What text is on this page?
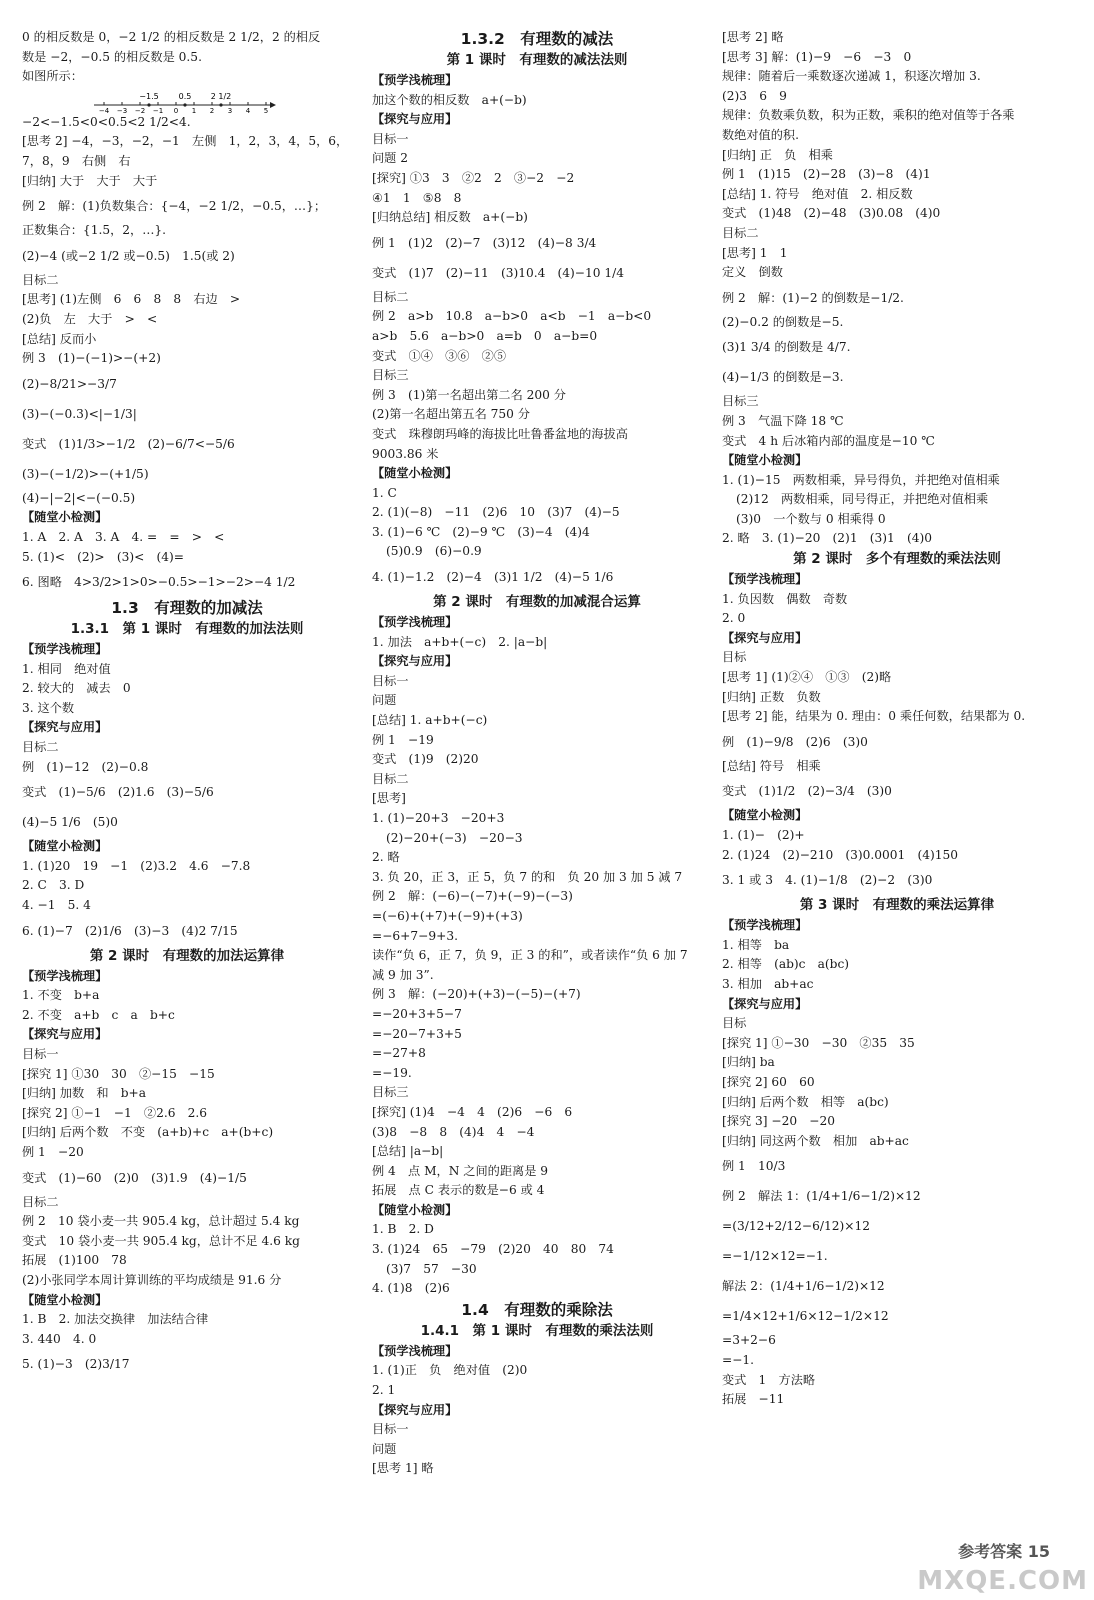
0 的相反数是 0，−2 1/2 的相反数是 2 1/2，2 的相反
数是 −2，−0.5 的相反数是 0.5.
如图所示：
−4 −3 −2 −1 0 1 2 3 4 5
−1.5 0.5 2 1/2
−2<−1.5<0<0.5<2 1/2<4.
[思考 2] −4，−3，−2，−1　左侧　1，2，3，4，5，6，
7，8，9　右侧　右
[归纳] 大于　大于　大于
例 2　解：(1)负数集合：{−4，−2 1/2，−0.5，…}；
正数集合：{1.5，2，…}.
(2)−4 (或−2 1/2 或−0.5)　1.5(或 2)
目标二
[思考] (1)左侧　6　6　8　8　右边　>
(2)负　左　大于　>　<
[总结] 反而小
例 3　(1)−(−1)>−(+2)
(2)−8/21>−3/7
(3)−(−0.3)<|−1/3|
变式　(1)1/3>−1/2　(2)−6/7<−5/6
(3)−(−1/2)>−(+1/5)
(4)−|−2|<−(−0.5)
【随堂小检测】
1. A　2. A　3. A　4. =　=　>　<
5. (1)<　(2)>　(3)<　(4)=
6. 图略　4>3/2>1>0>−0.5>−1>−2>−4 1/2
1.3　有理数的加减法
1.3.1　第 1 课时　有理数的加法法则
【预学浅梳理】
1. 相同　绝对值
2. 较大的　减去　0
3. 这个数
【探究与应用】
目标二
例　(1)−12　(2)−0.8
变式　(1)−5/6　(2)1.6　(3)−5/6
(4)−5 1/6　(5)0
【随堂小检测】
1. (1)20　19　−1　(2)3.2　4.6　−7.8
2. C　3. D
4. −1　5. 4
6. (1)−7　(2)1/6　(3)−3　(4)2 7/15
第 2 课时　有理数的加法运算律
【预学浅梳理】
1. 不变　b+a
2. 不变　a+b　c　a　b+c
【探究与应用】
目标一
[探究 1] ①30　30　②−15　−15
[归纳] 加数　和　b+a
[探究 2] ①−1　−1　②2.6　2.6
[归纳] 后两个数　不变　(a+b)+c　a+(b+c)
例 1　−20
变式　(1)−60　(2)0　(3)1.9　(4)−1/5
目标二
例 2　10 袋小麦一共 905.4 kg，总计超过 5.4 kg
变式　10 袋小麦一共 905.4 kg，总计不足 4.6 kg
拓展　(1)100　78
(2)小张同学本周计算训练的平均成绩是 91.6 分
【随堂小检测】
1. B　2. 加法交换律　加法结合律
3. 440　4. 0
5. (1)−3　(2)3/17
1.3.2　有理数的减法
第 1 课时　有理数的减法法则
【预学浅梳理】
加这个数的相反数　a+(−b)
【探究与应用】
目标一
问题 2
[探究] ①3　3　②2　2　③−2　−2
④1　1　⑤8　8
[归纳总结] 相反数　a+(−b)
例 1　(1)2　(2)−7　(3)12　(4)−8 3/4
变式　(1)7　(2)−11　(3)10.4　(4)−10 1/4
目标二
例 2　a>b　10.8　a−b>0　a<b　−1　a−b<0
a>b　5.6　a−b>0　a=b　0　a−b=0
变式　①④　③⑥　②⑤
目标三
例 3　(1)第一名超出第二名 200 分
(2)第一名超出第五名 750 分
变式　珠穆朗玛峰的海拔比吐鲁番盆地的海拔高
9003.86 米
【随堂小检测】
1. C
2. (1)(−8)　−11　(2)6　10　(3)7　(4)−5
3. (1)−6 ℃　(2)−9 ℃　(3)−4　(4)4
(5)0.9　(6)−0.9
4. (1)−1.2　(2)−4　(3)1 1/2　(4)−5 1/6
第 2 课时　有理数的加减混合运算
【预学浅梳理】
1. 加法　a+b+(−c)　2. |a−b|
【探究与应用】
目标一
问题
[总结] 1. a+b+(−c)
例 1　−19
变式　(1)9　(2)20
目标二
[思考]
1. (1)−20+3　−20+3
(2)−20+(−3)　−20−3
2. 略
3. 负 20，正 3，正 5，负 7 的和　负 20 加 3 加 5 减 7
例 2　解：(−6)−(−7)+(−9)−(−3)
=(−6)+(+7)+(−9)+(+3)
=−6+7−9+3.
读作“负 6，正 7，负 9，正 3 的和”，或者读作“负 6 加 7
减 9 加 3”.
例 3　解：(−20)+(+3)−(−5)−(+7)
=−20+3+5−7
=−20−7+3+5
=−27+8
=−19.
目标三
[探究] (1)4　−4　4　(2)6　−6　6
(3)8　−8　8　(4)4　4　−4
[总结] |a−b|
例 4　点 M，N 之间的距离是 9
拓展　点 C 表示的数是−6 或 4
【随堂小检测】
1. B　2. D
3. (1)24　65　−79　(2)20　40　80　74
(3)7　57　−30
4. (1)8　(2)6
1.4　有理数的乘除法
1.4.1　第 1 课时　有理数的乘法法则
【预学浅梳理】
1. (1)正　负　绝对值　(2)0
2. 1
【探究与应用】
目标一
问题
[思考 1] 略
[思考 2] 略
[思考 3] 解：(1)−9　−6　−3　0
规律：随着后一乘数逐次递减 1，积逐次增加 3.
(2)3　6　9
规律：负数乘负数，积为正数，乘积的绝对值等于各乘
数绝对值的积.
[归纳] 正　负　相乘
例 1　(1)15　(2)−28　(3)−8　(4)1
[总结] 1. 符号　绝对值　2. 相反数
变式　(1)48　(2)−48　(3)0.08　(4)0
目标二
[思考] 1　1
定义　倒数
例 2　解：(1)−2 的倒数是−1/2.
(2)−0.2 的倒数是−5.
(3)1 3/4 的倒数是 4/7.
(4)−1/3 的倒数是−3.
目标三
例 3　气温下降 18 ℃
变式　4 h 后冰箱内部的温度是−10 ℃
【随堂小检测】
1. (1)−15　两数相乘，异号得负，并把绝对值相乘
(2)12　两数相乘，同号得正，并把绝对值相乘
(3)0　一个数与 0 相乘得 0
2. 略　3. (1)−20　(2)1　(3)1　(4)0
第 2 课时　多个有理数的乘法法则
【预学浅梳理】
1. 负因数　偶数　奇数
2. 0
【探究与应用】
目标
[思考 1] (1)②④　①③　(2)略
[归纳] 正数　负数
[思考 2] 能，结果为 0. 理由：0 乘任何数，结果都为 0.
例　(1)−9/8　(2)6　(3)0
[总结] 符号　相乘
变式　(1)1/2　(2)−3/4　(3)0
【随堂小检测】
1. (1)−　(2)+
2. (1)24　(2)−210　(3)0.0001　(4)150
3. 1 或 3　4. (1)−1/8　(2)−2　(3)0
第 3 课时　有理数的乘法运算律
【预学浅梳理】
1. 相等　ba
2. 相等　(ab)c　a(bc)
3. 相加　ab+ac
【探究与应用】
目标
[探究 1] ①−30　−30　②35　35
[归纳] ba
[探究 2] 60　60
[归纳] 后两个数　相等　a(bc)
[探究 3] −20　−20
[归纳] 同这两个数　相加　ab+ac
例 1　10/3
例 2　解法 1：(1/4+1/6−1/2)×12
=(3/12+2/12−6/12)×12
=−1/12×12=−1.
解法 2：(1/4+1/6−1/2)×12
=1/4×12+1/6×12−1/2×12
=3+2−6
=−1.
变式　1　方法略
拓展　−11
参考答案 15
MXQE.COM
